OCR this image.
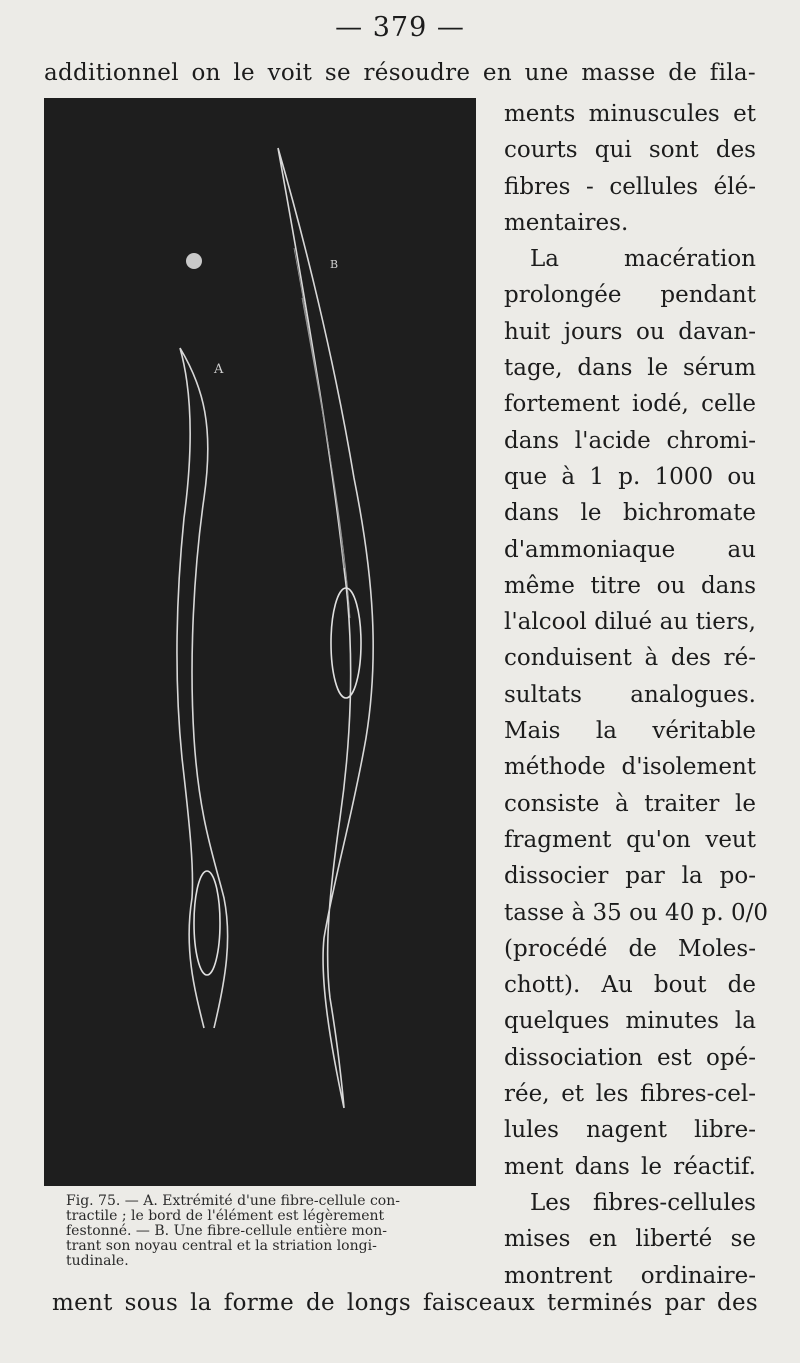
— 379 —
additionnel on le voit se résoudre en une masse de fila-
A
B
Fig. 75. — A. Extrémité d'une fibre-cellule con-
tractile ; le bord de l'élément est légèrement
festonné. — B. Une fibre-cellule entière mon-
trant son noyau central et la striation longi-
tudinale.
ments minuscules et
courts qui sont des
fibres - cellules élé-
mentaires.
La macération
prolongée pendant
huit jours ou davan-
tage, dans le sérum
fortement iodé, celle
dans l'acide chromi-
que à 1 p. 1000 ou
dans le bichromate
d'ammoniaque au
même titre ou dans
l'alcool dilué au tiers,
conduisent à des ré-
sultats analogues.
Mais la véritable
méthode d'isolement
consiste à traiter le
fragment qu'on veut
dissocier par la po-
tasse à 35 ou 40 p. 0/0
(procédé de Moles-
chott). Au bout de
quelques minutes la
dissociation est opé-
rée, et les fibres-cel-
lules nagent libre-
ment dans le réactif.
Les fibres-cellules
mises en liberté se
montrent ordinaire-
ment sous la forme de longs faisceaux terminés par des
